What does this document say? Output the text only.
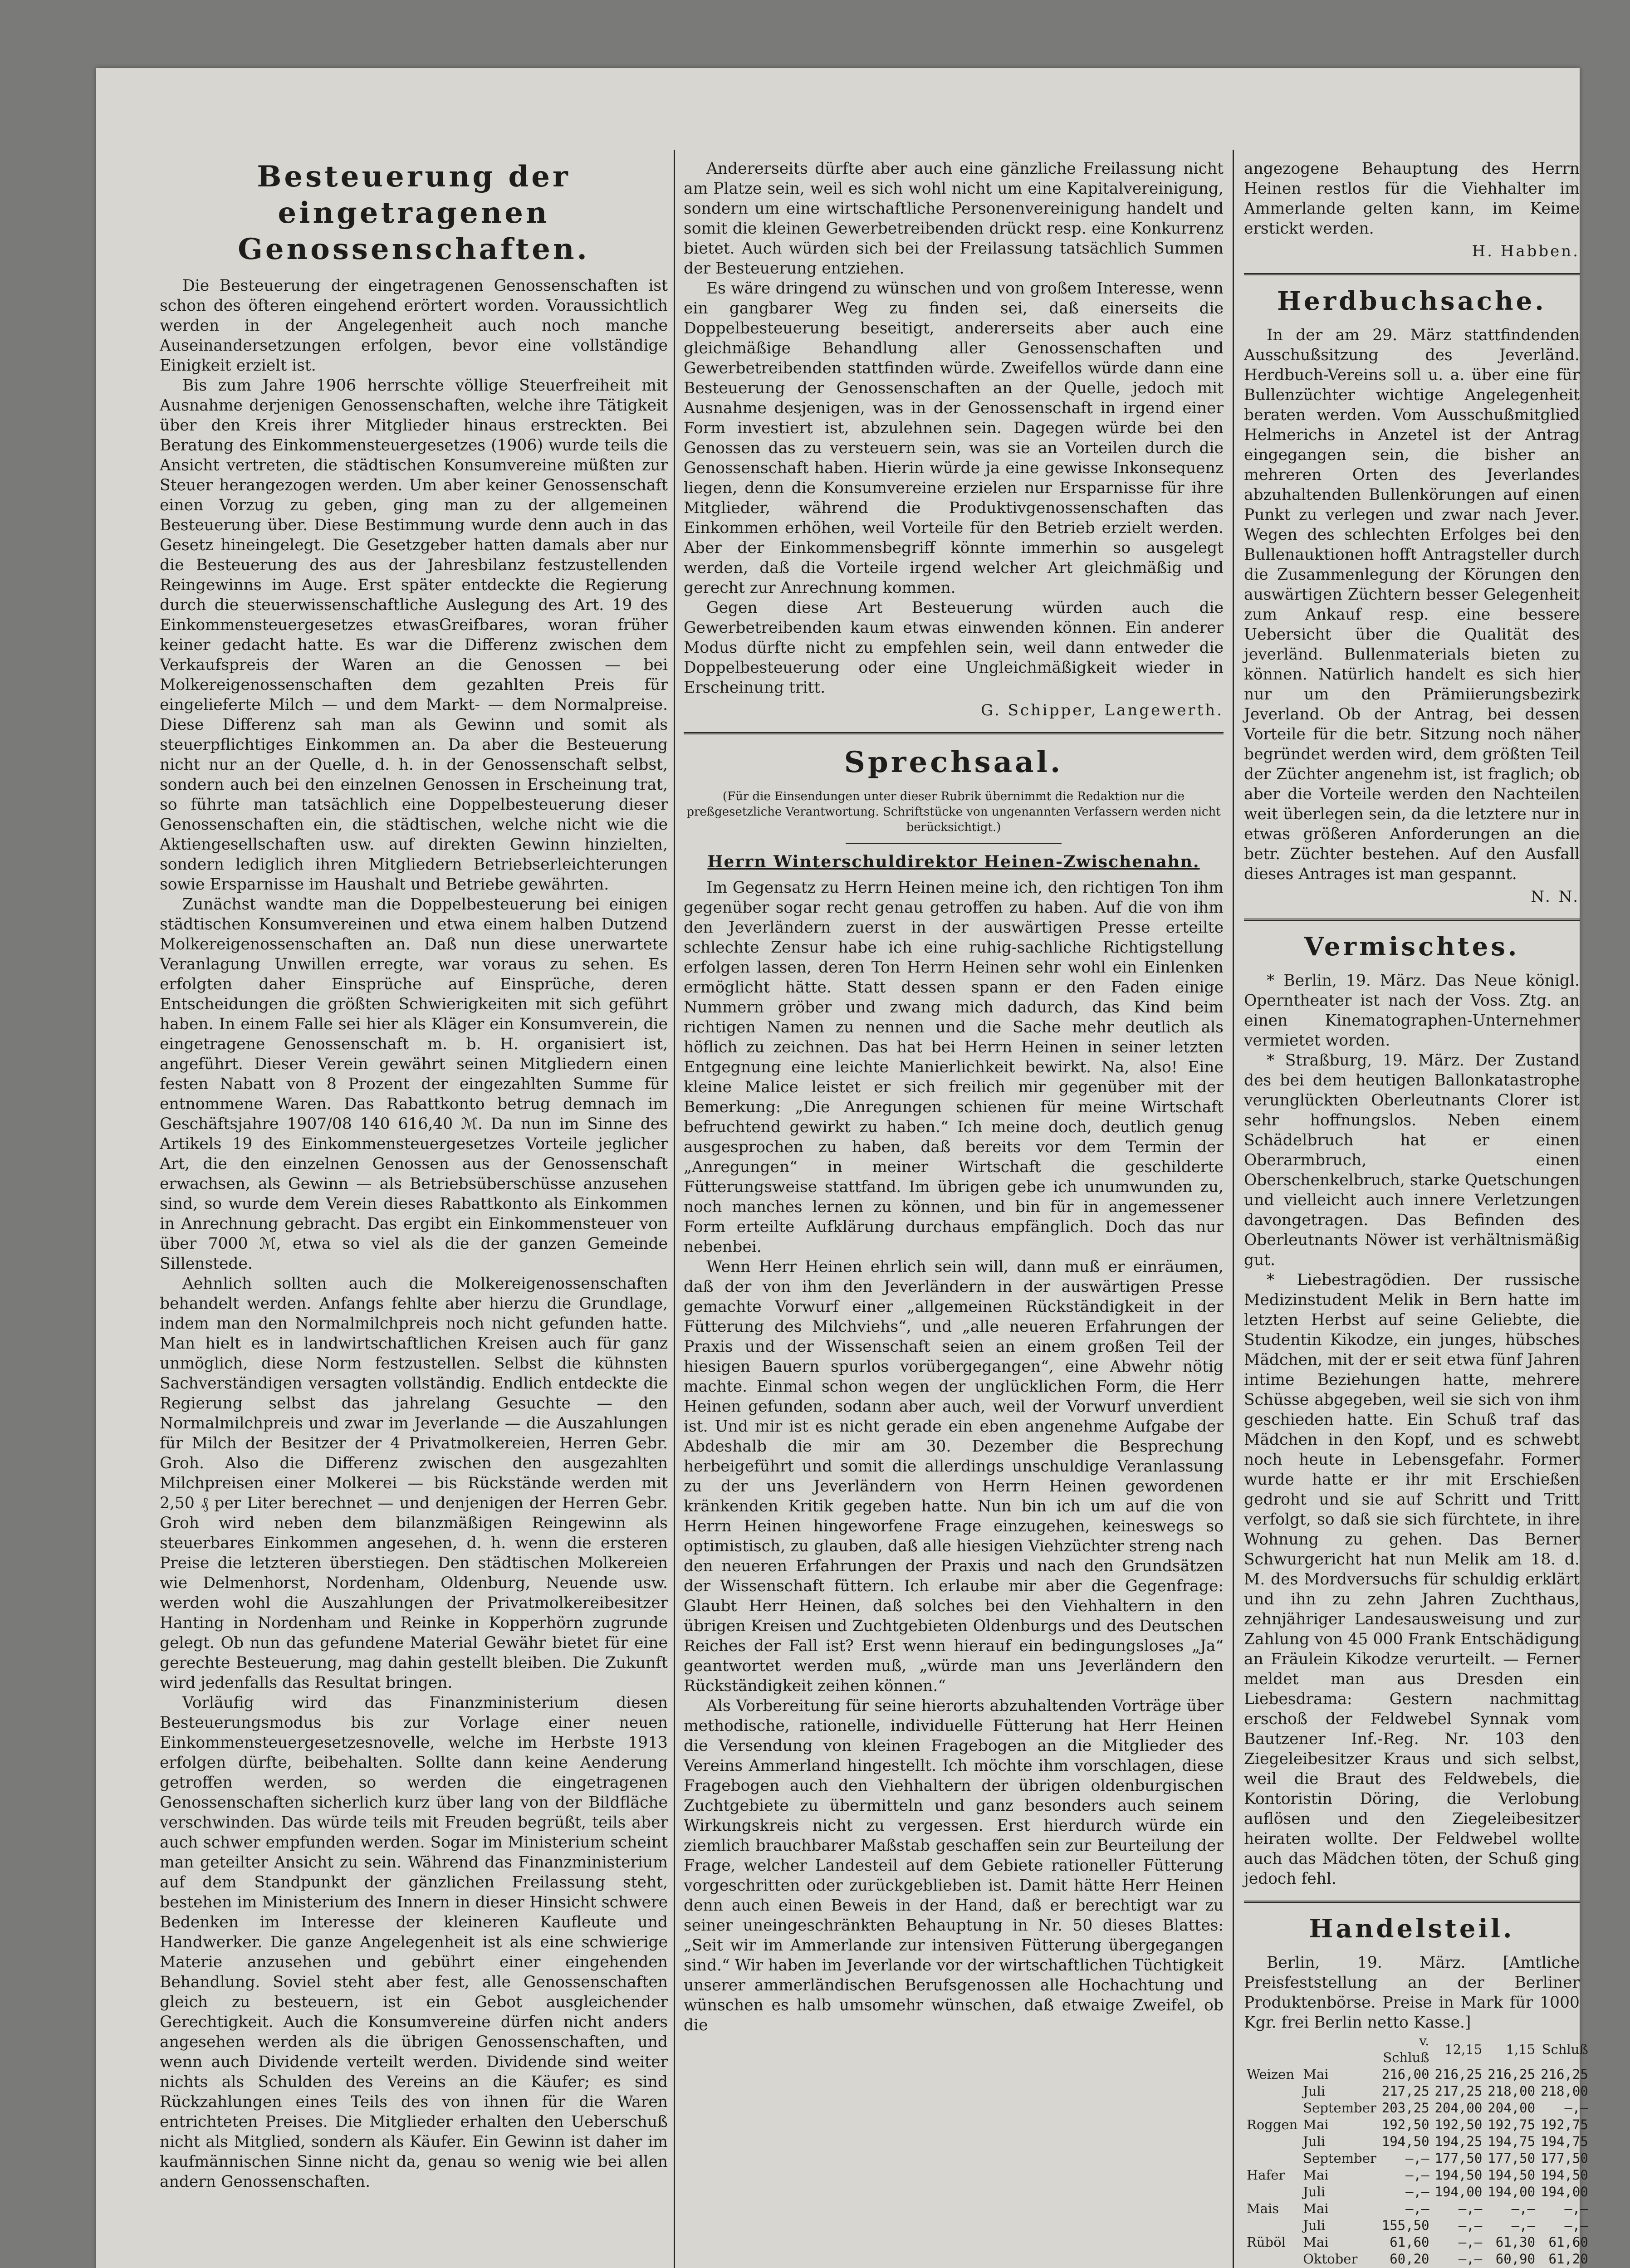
Besteuerung der eingetragenen Genossenschaften.

Die Besteuerung der eingetragenen Genossenschaften ist schon des öfteren eingehend erörtert worden. Voraussichtlich werden in der Angelegenheit auch noch manche Auseinandersetzungen erfolgen, bevor eine vollständige Einigkeit erzielt ist.

Bis zum Jahre 1906 herrschte völlige Steuerfreiheit mit Ausnahme derjenigen Genossenschaften, welche ihre Tätigkeit über den Kreis ihrer Mitglieder hinaus erstreckten. Bei Beratung des Einkommensteuergesetzes (1906) wurde teils die Ansicht vertreten, die städtischen Konsumvereine müßten zur Steuer herangezogen werden. Um aber keiner Genossenschaft einen Vorzug zu geben, ging man zu der allgemeinen Besteuerung über. Diese Bestimmung wurde denn auch in das Gesetz hineingelegt. Die Gesetzgeber hatten damals aber nur die Besteuerung des aus der Jahresbilanz festzustellenden Reingewinns im Auge. Erst später entdeckte die Regierung durch die steuerwissenschaftliche Auslegung des Art. 19 des Einkommensteuergesetzes etwasGreifbares, woran früher keiner gedacht hatte. Es war die Differenz zwischen dem Verkaufspreis der Waren an die Genossen — bei Molkereigenossenschaften dem gezahlten Preis für eingelieferte Milch — und dem Markt- — dem Normalpreise. Diese Differenz sah man als Gewinn und somit als steuerpflichtiges Einkommen an. Da aber die Besteuerung nicht nur an der Quelle, d. h. in der Genossenschaft selbst, sondern auch bei den einzelnen Genossen in Erscheinung trat, so führte man tatsächlich eine Doppelbesteuerung dieser Genossenschaften ein, die städtischen, welche nicht wie die Aktiengesellschaften usw. auf direkten Gewinn hinzielten, sondern lediglich ihren Mitgliedern Betriebserleichterungen sowie Ersparnisse im Haushalt und Betriebe gewährten.

Zunächst wandte man die Doppelbesteuerung bei einigen städtischen Konsumvereinen und etwa einem halben Dutzend Molkereigenossenschaften an. Daß nun diese unerwartete Veranlagung Unwillen erregte, war voraus zu sehen. Es erfolgten daher Einsprüche auf Einsprüche, deren Entscheidungen die größten Schwierigkeiten mit sich geführt haben. In einem Falle sei hier als Kläger ein Konsumverein, die eingetragene Genossenschaft m. b. H. organisiert ist, angeführt. Dieser Verein gewährt seinen Mitgliedern einen festen Nabatt von 8 Prozent der eingezahlten Summe für entnommene Waren. Das Rabattkonto betrug demnach im Geschäftsjahre 1907/08 140 616,40 ℳ. Da nun im Sinne des Artikels 19 des Einkommensteuergesetzes Vorteile jeglicher Art, die den einzelnen Genossen aus der Genossenschaft erwachsen, als Gewinn — als Betriebsüberschüsse anzusehen sind, so wurde dem Verein dieses Rabattkonto als Einkommen in Anrechnung gebracht. Das ergibt ein Einkommensteuer von über 7000 ℳ, etwa so viel als die der ganzen Gemeinde Sillenstede.

Aehnlich sollten auch die Molkereigenossenschaften behandelt werden. Anfangs fehlte aber hierzu die Grundlage, indem man den Normalmilchpreis noch nicht gefunden hatte. Man hielt es in landwirtschaftlichen Kreisen auch für ganz unmöglich, diese Norm festzustellen. Selbst die kühnsten Sachverständigen versagten vollständig. Endlich entdeckte die Regierung selbst das jahrelang Gesuchte — den Normalmilchpreis und zwar im Jeverlande — die Auszahlungen für Milch der Besitzer der 4 Privatmolkereien, Herren Gebr. Groh. Also die Differenz zwischen den ausgezahlten Milchpreisen einer Molkerei — bis Rückstände werden mit 2,50 ₰ per Liter berechnet — und denjenigen der Herren Gebr. Groh wird neben dem bilanzmäßigen Reingewinn als steuerbares Einkommen angesehen, d. h. wenn die ersteren Preise die letzteren überstiegen. Den städtischen Molkereien wie Delmenhorst, Nordenham, Oldenburg, Neuende usw. werden wohl die Auszahlungen der Privatmolkereibesitzer Hanting in Nordenham und Reinke in Kopperhörn zugrunde gelegt. Ob nun das gefundene Material Gewähr bietet für eine gerechte Besteuerung, mag dahin gestellt bleiben. Die Zukunft wird jedenfalls das Resultat bringen.

Vorläufig wird das Finanzministerium diesen Besteuerungsmodus bis zur Vorlage einer neuen Einkommensteuergesetzesnovelle, welche im Herbste 1913 erfolgen dürfte, beibehalten. Sollte dann keine Aenderung getroffen werden, so werden die eingetragenen Genossenschaften sicherlich kurz über lang von der Bildfläche verschwinden. Das würde teils mit Freuden begrüßt, teils aber auch schwer empfunden werden. Sogar im Ministerium scheint man geteilter Ansicht zu sein. Während das Finanzministerium auf dem Standpunkt der gänzlichen Freilassung steht, bestehen im Ministerium des Innern in dieser Hinsicht schwere Bedenken im Interesse der kleineren Kaufleute und Handwerker. Die ganze Angelegenheit ist als eine schwierige Materie anzusehen und gebührt einer eingehenden Behandlung. Soviel steht aber fest, alle Genossenschaften gleich zu besteuern, ist ein Gebot ausgleichender Gerechtigkeit. Auch die Konsumvereine dürfen nicht anders angesehen werden als die übrigen Genossenschaften, und wenn auch Dividende verteilt werden. Dividende sind weiter nichts als Schulden des Vereins an die Käufer; es sind Rückzahlungen eines Teils des von ihnen für die Waren entrichteten Preises. Die Mitglieder erhalten den Ueberschuß nicht als Mitglied, sondern als Käufer. Ein Gewinn ist daher im kaufmännischen Sinne nicht da, genau so wenig wie bei allen andern Genossenschaften.

Andererseits dürfte aber auch eine gänzliche Freilassung nicht am Platze sein, weil es sich wohl nicht um eine Kapitalvereinigung, sondern um eine wirtschaftliche Personenvereinigung handelt und somit die kleinen Gewerbetreibenden drückt resp. eine Konkurrenz bietet. Auch würden sich bei der Freilassung tatsächlich Summen der Besteuerung entziehen.

Es wäre dringend zu wünschen und von großem Interesse, wenn ein gangbarer Weg zu finden sei, daß einerseits die Doppelbesteuerung beseitigt, andererseits aber auch eine gleichmäßige Behandlung aller Genossenschaften und Gewerbetreibenden stattfinden würde. Zweifellos würde dann eine Besteuerung der Genossenschaften an der Quelle, jedoch mit Ausnahme desjenigen, was in der Genossenschaft in irgend einer Form investiert ist, abzulehnen sein. Dagegen würde bei den Genossen das zu versteuern sein, was sie an Vorteilen durch die Genossenschaft haben. Hierin würde ja eine gewisse Inkonsequenz liegen, denn die Konsumvereine erzielen nur Ersparnisse für ihre Mitglieder, während die Produktivgenossenschaften das Einkommen erhöhen, weil Vorteile für den Betrieb erzielt werden. Aber der Einkommensbegriff könnte immerhin so ausgelegt werden, daß die Vorteile irgend welcher Art gleichmäßig und gerecht zur Anrechnung kommen.

Gegen diese Art Besteuerung würden auch die Gewerbetreibenden kaum etwas einwenden können. Ein anderer Modus dürfte nicht zu empfehlen sein, weil dann entweder die Doppelbesteuerung oder eine Ungleichmäßigkeit wieder in Erscheinung tritt.

G. Schipper, Langewerth.
Sprechsaal.

(Für die Einsendungen unter dieser Rubrik übernimmt die Redaktion nur die preßgesetzliche Verantwortung. Schriftstücke von ungenannten Verfassern werden nicht berücksichtigt.)

Herrn Winterschuldirektor Heinen-Zwischenahn.

Im Gegensatz zu Herrn Heinen meine ich, den richtigen Ton ihm gegenüber sogar recht genau getroffen zu haben. Auf die von ihm den Jeverländern zuerst in der auswärtigen Presse erteilte schlechte Zensur habe ich eine ruhig-sachliche Richtigstellung erfolgen lassen, deren Ton Herrn Heinen sehr wohl ein Einlenken ermöglicht hätte. Statt dessen spann er den Faden einige Nummern gröber und zwang mich dadurch, das Kind beim richtigen Namen zu nennen und die Sache mehr deutlich als höflich zu zeichnen. Das hat bei Herrn Heinen in seiner letzten Entgegnung eine leichte Manierlichkeit bewirkt. Na, also! Eine kleine Malice leistet er sich freilich mir gegenüber mit der Bemerkung: „Die Anregungen schienen für meine Wirtschaft befruchtend gewirkt zu haben.“ Ich meine doch, deutlich genug ausgesprochen zu haben, daß bereits vor dem Termin der „Anregungen“ in meiner Wirtschaft die geschilderte Fütterungsweise stattfand. Im übrigen gebe ich unumwunden zu, noch manches lernen zu können, und bin für in angemessener Form erteilte Aufklärung durchaus empfänglich. Doch das nur nebenbei.

Wenn Herr Heinen ehrlich sein will, dann muß er einräumen, daß der von ihm den Jeverländern in der auswärtigen Presse gemachte Vorwurf einer „allgemeinen Rückständigkeit in der Fütterung des Milchviehs“, und „alle neueren Erfahrungen der Praxis und der Wissenschaft seien an einem großen Teil der hiesigen Bauern spurlos vorübergegangen“, eine Abwehr nötig machte. Einmal schon wegen der unglücklichen Form, die Herr Heinen gefunden, sodann aber auch, weil der Vorwurf unverdient ist. Und mir ist es nicht gerade ein eben angenehme Aufgabe der Abdeshalb die mir am 30. Dezember die Besprechung herbeigeführt und somit die allerdings unschuldige Veranlassung zu der uns Jeverländern von Herrn Heinen gewordenen kränkenden Kritik gegeben hatte. Nun bin ich um auf die von Herrn Heinen hingeworfene Frage einzugehen, keineswegs so optimistisch, zu glauben, daß alle hiesigen Viehzüchter streng nach den neueren Erfahrungen der Praxis und nach den Grundsätzen der Wissenschaft füttern. Ich erlaube mir aber die Gegenfrage: Glaubt Herr Heinen, daß solches bei den Viehhaltern in den übrigen Kreisen und Zuchtgebieten Oldenburgs und des Deutschen Reiches der Fall ist? Erst wenn hierauf ein bedingungsloses „Ja“ geantwortet werden muß, „würde man uns Jeverländern den Rückständigkeit zeihen können.“

Als Vorbereitung für seine hierorts abzuhaltenden Vorträge über methodische, rationelle, individuelle Fütterung hat Herr Heinen die Versendung von kleinen Fragebogen an die Mitglieder des Vereins Ammerland hingestellt. Ich möchte ihm vorschlagen, diese Fragebogen auch den Viehhaltern der übrigen oldenburgischen Zuchtgebiete zu übermitteln und ganz besonders auch seinem Wirkungskreis nicht zu vergessen. Erst hierdurch würde ein ziemlich brauchbarer Maßstab geschaffen sein zur Beurteilung der Frage, welcher Landesteil auf dem Gebiete rationeller Fütterung vorgeschritten oder zurückgeblieben ist. Damit hätte Herr Heinen denn auch einen Beweis in der Hand, daß er berechtigt war zu seiner uneingeschränkten Behauptung in Nr. 50 dieses Blattes: „Seit wir im Ammerlande zur intensiven Fütterung übergegangen sind.“ Wir haben im Jeverlande vor der wirtschaftlichen Tüchtigkeit unserer ammerländischen Berufsgenossen alle Hochachtung und wünschen es halb umsomehr wünschen, daß etwaige Zweifel, ob die

angezogene Behauptung des Herrn Heinen restlos für die Viehhalter im Ammerlande gelten kann, im Keime erstickt werden.

H. Habben.
Herdbuchsache.

In der am 29. März stattfindenden Ausschußsitzung des Jeverländ. Herdbuch-Vereins soll u. a. über eine für Bullenzüchter wichtige Angelegenheit beraten werden. Vom Ausschußmitglied Helmerichs in Anzetel ist der Antrag eingegangen sein, die bisher an mehreren Orten des Jeverlandes abzuhaltenden Bullenkörungen auf einen Punkt zu verlegen und zwar nach Jever. Wegen des schlechten Erfolges bei den Bullenauktionen hofft Antragsteller durch die Zusammenlegung der Körungen den auswärtigen Züchtern besser Gelegenheit zum Ankauf resp. eine bessere Uebersicht über die Qualität des jeverländ. Bullenmaterials bieten zu können. Natürlich handelt es sich hier nur um den Prämiierungsbezirk Jeverland. Ob der Antrag, bei dessen Vorteile für die betr. Sitzung noch näher begründet werden wird, dem größten Teil der Züchter angenehm ist, ist fraglich; ob aber die Vorteile werden den Nachteilen weit überlegen sein, da die letztere nur in etwas größeren Anforderungen an die betr. Züchter bestehen. Auf den Ausfall dieses Antrages ist man gespannt.

N. N.
Vermischtes.

* Berlin, 19. März. Das Neue königl. Operntheater ist nach der Voss. Ztg. an einen Kinematographen-Unternehmer vermietet worden.

* Straßburg, 19. März. Der Zustand des bei dem heutigen Ballonkatastrophe verunglückten Oberleutnants Clorer ist sehr hoffnungslos. Neben einem Schädelbruch hat er einen Oberarmbruch, einen Oberschenkelbruch, starke Quetschungen und vielleicht auch innere Verletzungen davongetragen. Das Befinden des Oberleutnants Nöwer ist verhältnismäßig gut.

* Liebestragödien. Der russische Medizinstudent Melik in Bern hatte im letzten Herbst auf seine Geliebte, die Studentin Kikodze, ein junges, hübsches Mädchen, mit der er seit etwa fünf Jahren intime Beziehungen hatte, mehrere Schüsse abgegeben, weil sie sich von ihm geschieden hatte. Ein Schuß traf das Mädchen in den Kopf, und es schwebt noch heute in Lebensgefahr. Former wurde hatte er ihr mit Erschießen gedroht und sie auf Schritt und Tritt verfolgt, so daß sie sich fürchtete, in ihre Wohnung zu gehen. Das Berner Schwurgericht hat nun Melik am 18. d. M. des Mordversuchs für schuldig erklärt und ihn zu zehn Jahren Zuchthaus, zehnjähriger Landesausweisung und zur Zahlung von 45 000 Frank Entschädigung an Fräulein Kikodze verurteilt. — Ferner meldet man aus Dresden ein Liebesdrama: Gestern nachmittag erschoß der Feldwebel Synnak vom Bautzener Inf.-Reg. Nr. 103 den Ziegeleibesitzer Kraus und sich selbst, weil die Braut des Feldwebels, die Kontoristin Döring, die Verlobung auflösen und den Ziegeleibesitzer heiraten wollte. Der Feldwebel wollte auch das Mädchen töten, der Schuß ging jedoch fehl.

Handelsteil.

Berlin, 19. März. [Amtliche Preisfeststellung an der Berliner Produktenbörse. Preise in Mark für 1000 Kgr. frei Berlin netto Kasse.]

		v. Schluß	12,15	1,15	Schluß
Weizen	Mai	216,00	216,25	216,25	216,25
	Juli	217,25	217,25	218,00	218,00
	September	203,25	204,00	204,00	—,—
Roggen	Mai	192,50	192,50	192,75	192,75
	Juli	194,50	194,25	194,75	194,75
	September	—,—	177,50	177,50	177,50
Hafer	Mai	—,—	194,50	194,50	194,50
	Juli	—,—	194,00	194,00	194,00
Mais	Mai	—,—	—,—	—,—	—,—
	Juli	155,50	—,—	—,—	—,—
Rüböl	Mai	61,60	—,—	61,30	61,60
	Oktober	60,20	—,—	60,90	61,20
